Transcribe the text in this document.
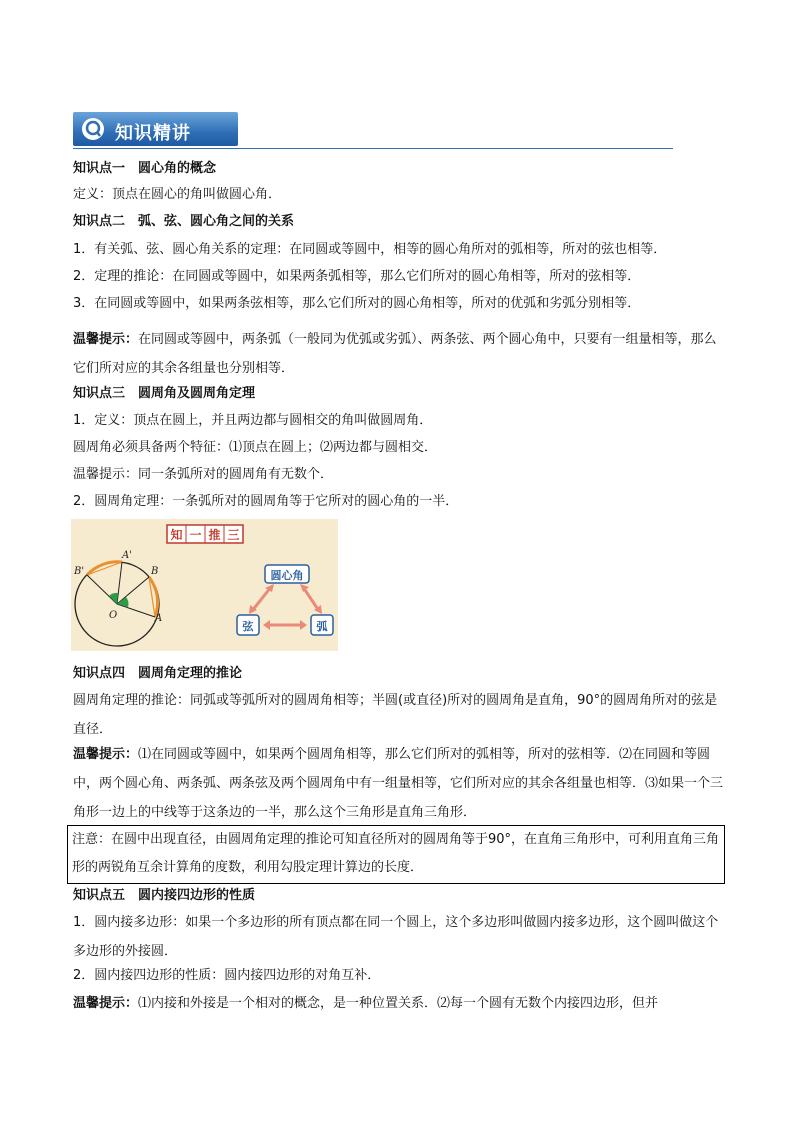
知识精讲
知识点一　圆心角的概念
定义：顶点在圆心的角叫做圆心角．
知识点二　弧、弦、圆心角之间的关系
1．有关弧、弦、圆心角关系的定理：在同圆或等圆中，相等的圆心角所对的弧相等，所对的弦也相等．
2．定理的推论：在同圆或等圆中，如果两条弧相等，那么它们所对的圆心角相等，所对的弦相等．
3．在同圆或等圆中，如果两条弦相等，那么它们所对的圆心角相等，所对的优弧和劣弧分别相等．
温馨提示：在同圆或等圆中，两条弧（一般同为优弧或劣弧）、两条弦、两个圆心角中，只要有一组量相等，那么它们所对应的其余各组量也分别相等．
知识点三　圆周角及圆周角定理
1．定义：顶点在圆上，并且两边都与圆相交的角叫做圆周角．
圆周角必须具备两个特征：⑴顶点在圆上；⑵两边都与圆相交．
温馨提示：同一条弧所对的圆周角有无数个．
2．圆周角定理：一条弧所对的圆周角等于它所对的圆心角的一半．
知 一 推 三
A'
B'	B
O	A
圆心角
弦	弧
知识点四　圆周角定理的推论
圆周角定理的推论：同弧或等弧所对的圆周角相等；半圆(或直径)所对的圆周角是直角，90°的圆周角所对的弦是直径．
温馨提示：⑴在同圆或等圆中，如果两个圆周角相等，那么它们所对的弧相等，所对的弦相等．⑵在同圆和等圆中，两个圆心角、两条弧、两条弦及两个圆周角中有一组量相等，它们所对应的其余各组量也相等．⑶如果一个三角形一边上的中线等于这条边的一半，那么这个三角形是直角三角形．
注意：在圆中出现直径，由圆周角定理的推论可知直径所对的圆周角等于90°，在直角三角形中，可利用直角三角形的两锐角互余计算角的度数，利用勾股定理计算边的长度．
知识点五　圆内接四边形的性质
1．圆内接多边形：如果一个多边形的所有顶点都在同一个圆上，这个多边形叫做圆内接多边形，这个圆叫做这个多边形的外接圆．
2．圆内接四边形的性质：圆内接四边形的对角互补．
温馨提示：⑴内接和外接是一个相对的概念，是一种位置关系．⑵每一个圆有无数个内接四边形，但并
